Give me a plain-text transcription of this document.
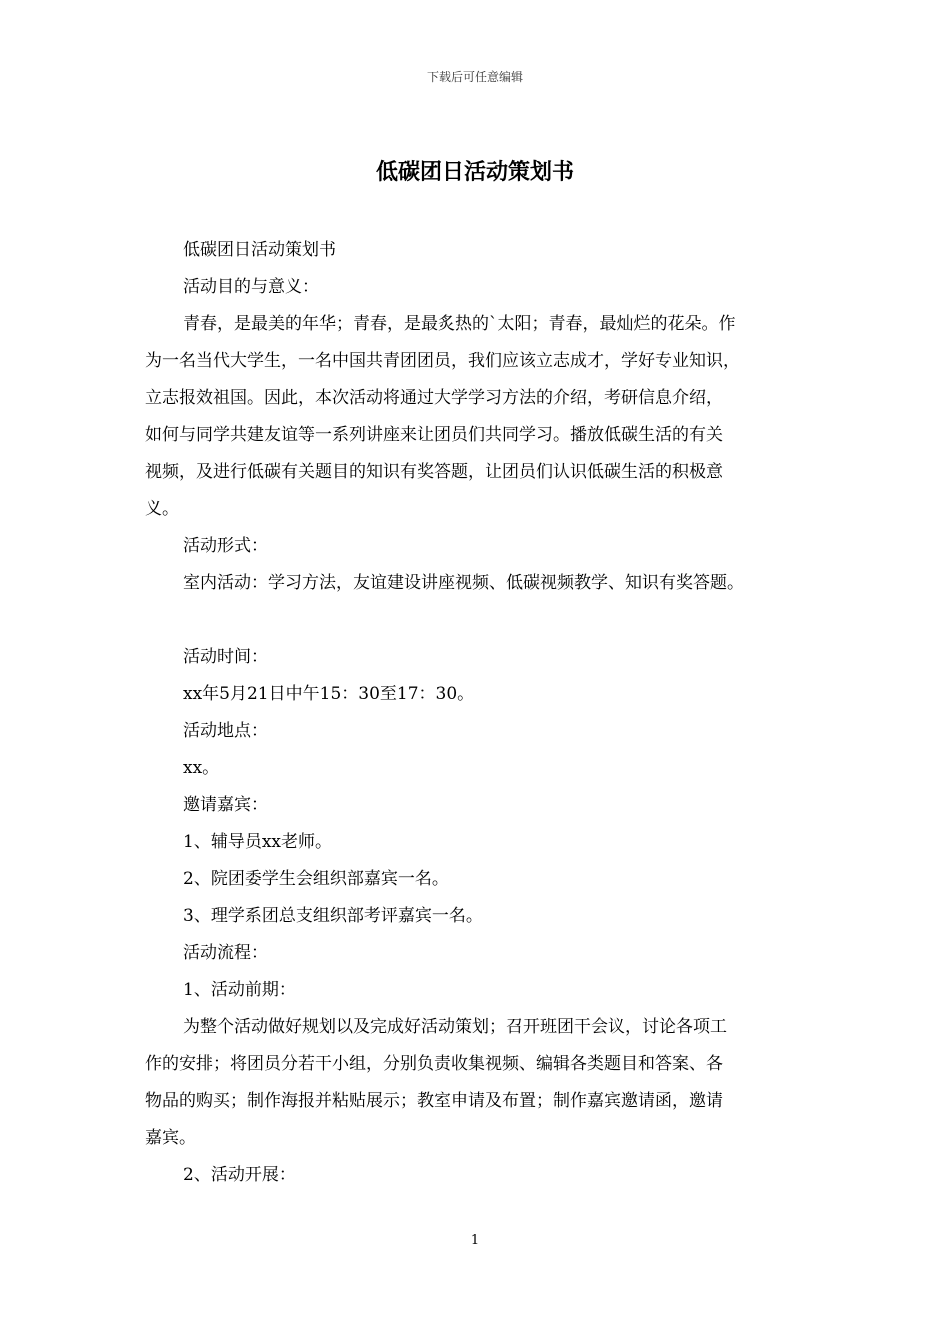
下载后可任意编辑
低碳团日活动策划书
低碳团日活动策划书
活动目的与意义：
青春，是最美的年华；青春，是最炙热的`太阳；青春，最灿烂的花朵。作
为一名当代大学生，一名中国共青团团员，我们应该立志成才，学好专业知识，
立志报效祖国。因此，本次活动将通过大学学习方法的介绍，考研信息介绍，
如何与同学共建友谊等一系列讲座来让团员们共同学习。播放低碳生活的有关
视频，及进行低碳有关题目的知识有奖答题，让团员们认识低碳生活的积极意
义。
活动形式：
室内活动：学习方法，友谊建设讲座视频、低碳视频教学、知识有奖答题。
活动时间：
xx年5月21日中午15：30至17：30。
活动地点：
xx。
邀请嘉宾：
1、辅导员xx老师。
2、院团委学生会组织部嘉宾一名。
3、理学系团总支组织部考评嘉宾一名。
活动流程：
1、活动前期：
为整个活动做好规划以及完成好活动策划；召开班团干会议，讨论各项工
作的安排；将团员分若干小组，分别负责收集视频、编辑各类题目和答案、各
物品的购买；制作海报并粘贴展示；教室申请及布置；制作嘉宾邀请函，邀请
嘉宾。
2、活动开展：
1
